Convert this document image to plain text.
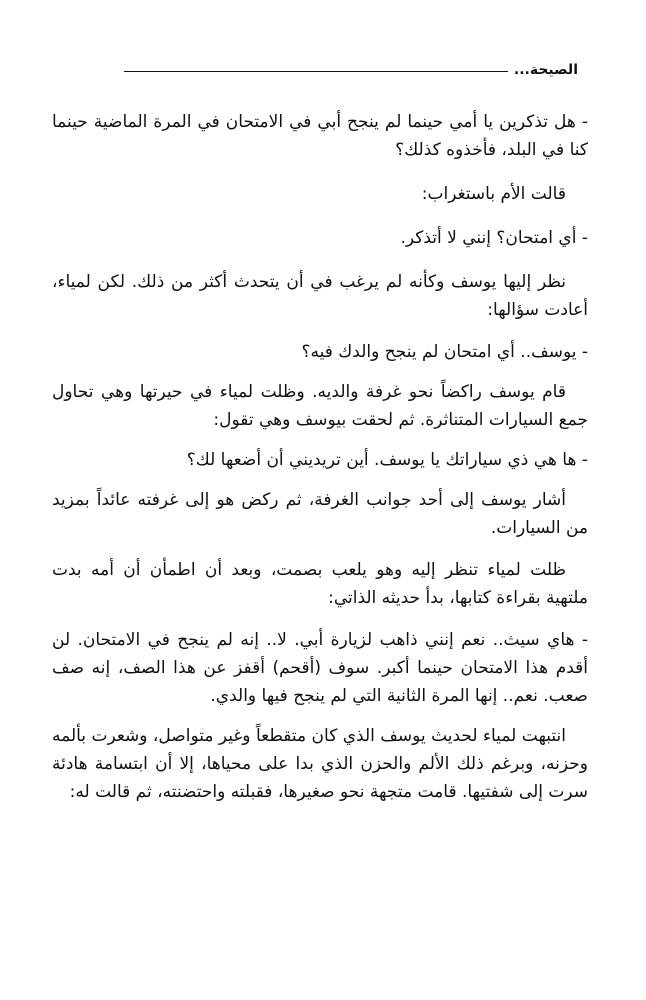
الصيحة...

- هل تذكرين يا أمي حينما لم ينجح أبي في الامتحان في المرة الماضية حينما كنا في البلد، فأخذوه كذلك؟

قالت الأم باستغراب:

- أي امتحان؟ إنني لا أتذكر.

نظر إليها يوسف وكأنه لم يرغب في أن يتحدث أكثر من ذلك. لكن لمياء، أعادت سؤالها:

- يوسف.. أي امتحان لم ينجح والدك فيه؟

قام يوسف راكضاً نحو غرفة والديه. وظلت لمياء في حيرتها وهي تحاول جمع السيارات المتناثرة. ثم لحقت بيوسف وهي تقول:

- ها هي ذي سياراتك يا يوسف. أين تريديني أن أضعها لك؟

أشار يوسف إلى أحد جوانب الغرفة، ثم ركض هو إلى غرفته عائداً بمزيد من السيارات.

ظلت لمياء تنظر إليه وهو يلعب بصمت، وبعد أن اطمأن أن أمه بدت ملتهية بقراءة كتابها، بدأ حديثه الذاتي:

- هاي سيث.. نعم إنني ذاهب لزيارة أبي. لا.. إنه لم ينجح في الامتحان. لن أقدم هذا الامتحان حينما أكبر. سوف (أقحم) أقفز عن هذا الصف، إنه صف صعب. نعم.. إنها المرة الثانية التي لم ينجح فيها والدي.

انتبهت لمياء لحديث يوسف الذي كان متقطعاً وغير متواصل، وشعرت بألمه وحزنه، وبرغم ذلك الألم والحزن الذي بدا على محياها، إلا أن ابتسامة هادئة سرت إلى شفتيها. قامت متجهة نحو صغيرها، فقبلته واحتضنته، ثم قالت له:
